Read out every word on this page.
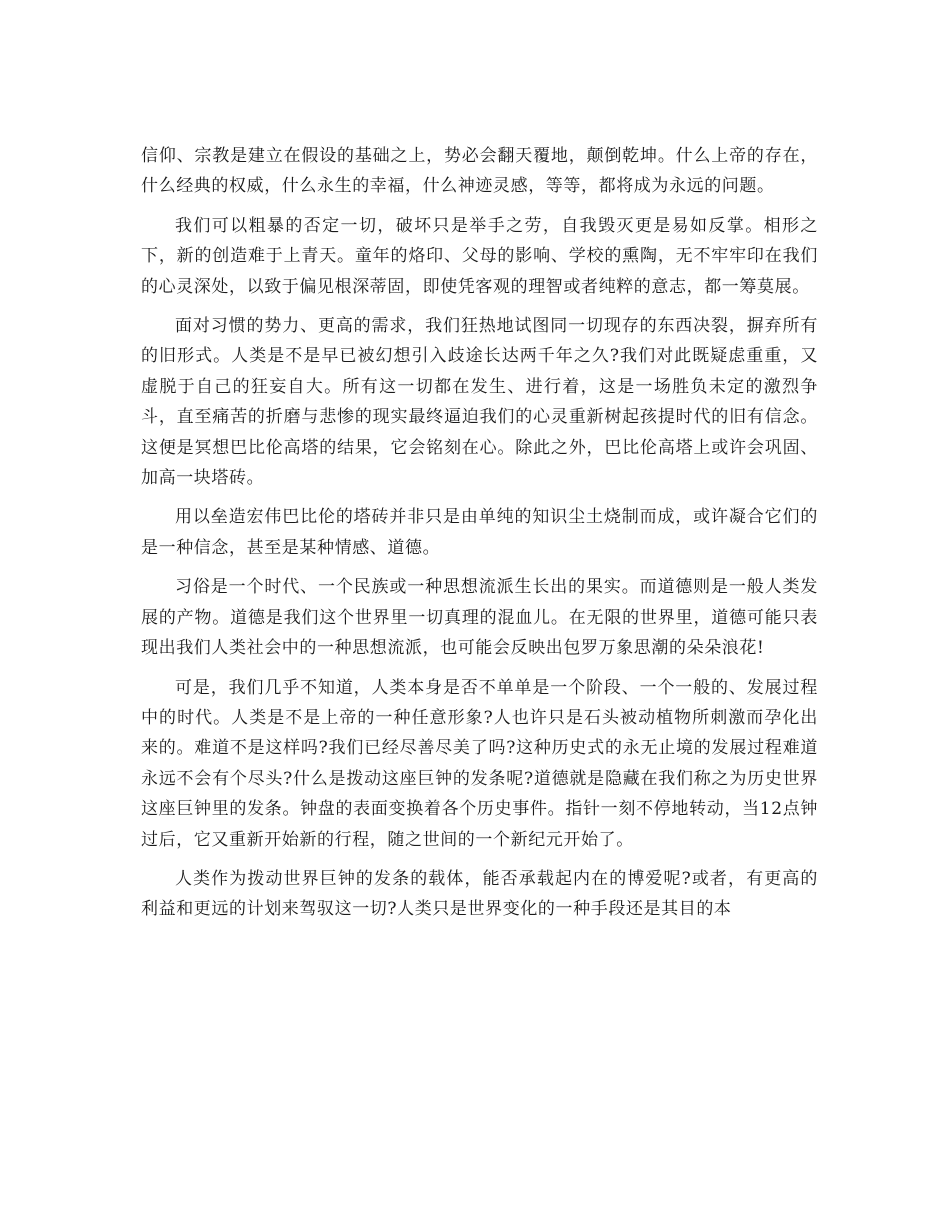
信仰、宗教是建立在假设的基础之上，势必会翻天覆地，颠倒乾坤。什么上帝的存在，什么经典的权威，什么永生的幸福，什么神迹灵感，等等，都将成为永远的问题。

我们可以粗暴的否定一切，破坏只是举手之劳，自我毁灭更是易如反掌。相形之下，新的创造难于上青天。童年的烙印、父母的影响、学校的熏陶，无不牢牢印在我们的心灵深处，以致于偏见根深蒂固，即使凭客观的理智或者纯粹的意志，都一筹莫展。

面对习惯的势力、更高的需求，我们狂热地试图同一切现存的东西决裂，摒弃所有的旧形式。人类是不是早已被幻想引入歧途长达两千年之久?我们对此既疑虑重重，又虚脱于自己的狂妄自大。所有这一切都在发生、进行着，这是一场胜负未定的激烈争斗，直至痛苦的折磨与悲惨的现实最终逼迫我们的心灵重新树起孩提时代的旧有信念。这便是冥想巴比伦高塔的结果，它会铭刻在心。除此之外，巴比伦高塔上或许会巩固、加高一块塔砖。

用以垒造宏伟巴比伦的塔砖并非只是由单纯的知识尘土烧制而成，或许凝合它们的是一种信念，甚至是某种情感、道德。

习俗是一个时代、一个民族或一种思想流派生长出的果实。而道德则是一般人类发展的产物。道德是我们这个世界里一切真理的混血儿。在无限的世界里，道德可能只表现出我们人类社会中的一种思想流派，也可能会反映出包罗万象思潮的朵朵浪花!

可是，我们几乎不知道，人类本身是否不单单是一个阶段、一个一般的、发展过程中的时代。人类是不是上帝的一种任意形象?人也许只是石头被动植物所刺激而孕化出来的。难道不是这样吗?我们已经尽善尽美了吗?这种历史式的永无止境的发展过程难道永远不会有个尽头?什么是拨动这座巨钟的发条呢?道德就是隐藏在我们称之为历史世界这座巨钟里的发条。钟盘的表面变换着各个历史事件。指针一刻不停地转动，当12点钟过后，它又重新开始新的行程，随之世间的一个新纪元开始了。

人类作为拨动世界巨钟的发条的载体，能否承载起内在的博爱呢?或者，有更高的利益和更远的计划来驾驭这一切?人类只是世界变化的一种手段还是其目的本
